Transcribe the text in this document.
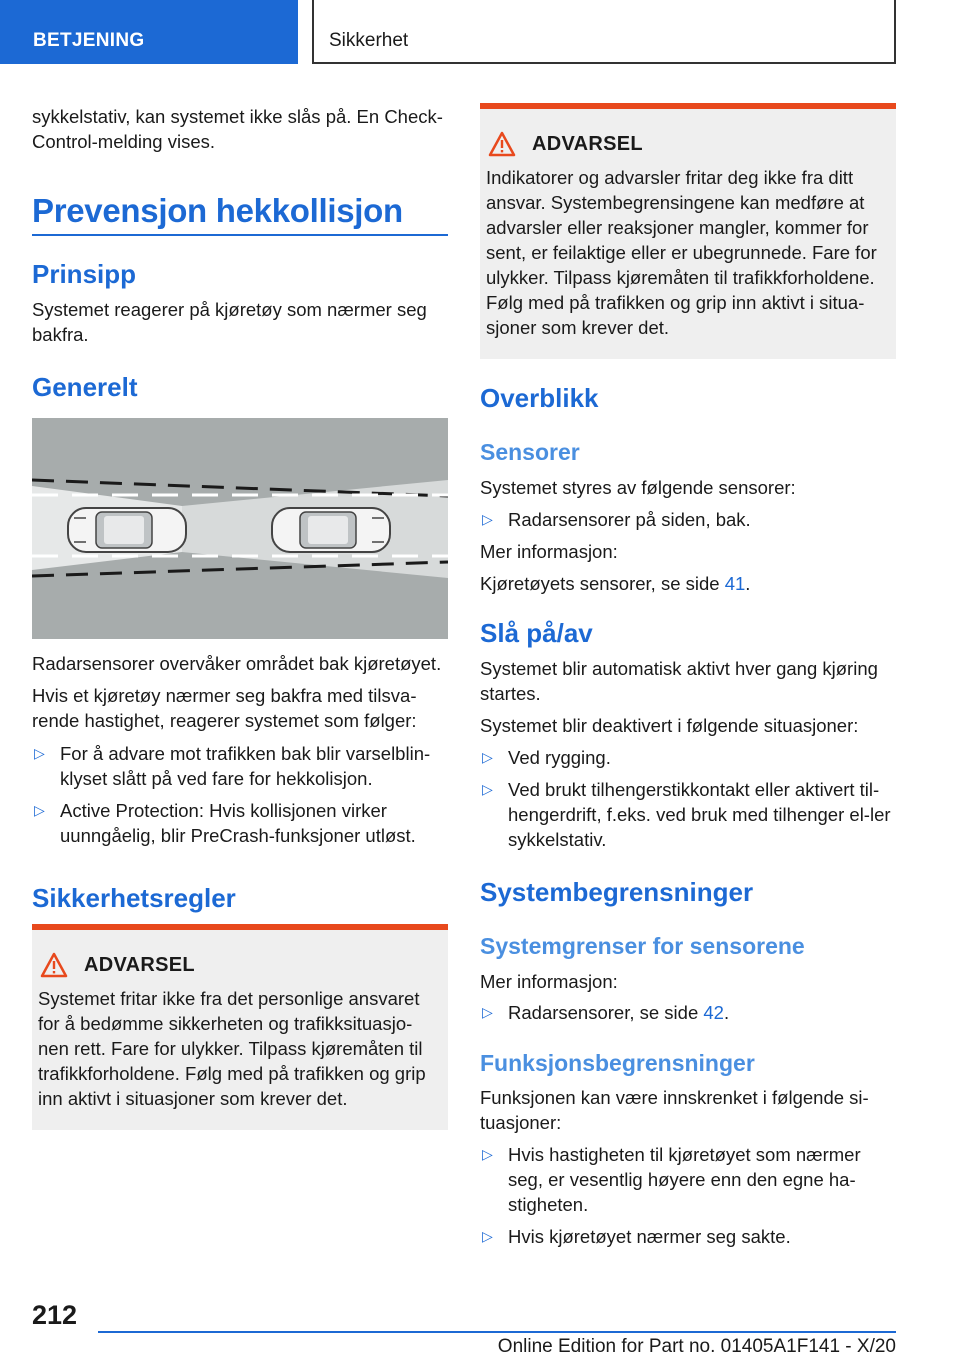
BETJENING	Sikkerhet

sykkelstativ, kan systemet ikke slås på. En Check-Control-melding vises.

Prevensjon hekkollisjon
Prinsipp

Systemet reagerer på kjøretøy som nærmer seg bakfra.

Generelt

Radarsensorer overvåker området bak kjøretøyet.

Hvis et kjøretøy nærmer seg bakfra med tilsva-rende hastighet, reagerer systemet som følger:

▷ For å advare mot trafikken bak blir varselblin-klyset slått på ved fare for hekkolisjon.
▷ Active Protection: Hvis kollisjonen virker uunngåelig, blir PreCrash-funksjoner utløst.
Sikkerhetsregler
ADVARSEL
Systemet fritar ikke fra det personlige ansvaret for å bedømme sikkerheten og trafikksituasjo-nen rett. Fare for ulykker. Tilpass kjøremåten til trafikkforholdene. Følg med på trafikken og grip inn aktivt i situasjoner som krever det.
ADVARSEL
Indikatorer og advarsler fritar deg ikke fra ditt ansvar. Systembegrensingene kan medføre at advarsler eller reaksjoner mangler, kommer for sent, er feilaktige eller er ubegrunnede. Fare for ulykker. Tilpass kjøremåten til trafikkforholdene. Følg med på trafikken og grip inn aktivt i situa-sjoner som krever det.
Overblikk
Sensorer

Systemet styres av følgende sensorer:

▷ Radarsensorer på siden, bak.

Mer informasjon:

Kjøretøyets sensorer, se side 41.

Slå på/av

Systemet blir automatisk aktivt hver gang kjøring startes.

Systemet blir deaktivert i følgende situasjoner:

▷ Ved rygging.
▷ Ved brukt tilhengerstikkontakt eller aktivert til-hengerdrift, f.eks. ved bruk med tilhenger el-ler sykkelstativ.
Systembegrensninger
Systemgrenser for sensorene

Mer informasjon:

▷ Radarsensorer, se side 42.
Funksjonsbegrensninger

Funksjonen kan være innskrenket i følgende si-tuasjoner:

▷ Hvis hastigheten til kjøretøyet som nærmer seg, er vesentlig høyere enn den egne ha-stigheten.
▷ Hvis kjøretøyet nærmer seg sakte.
212
Online Edition for Part no. 01405A1F141 - X/20
